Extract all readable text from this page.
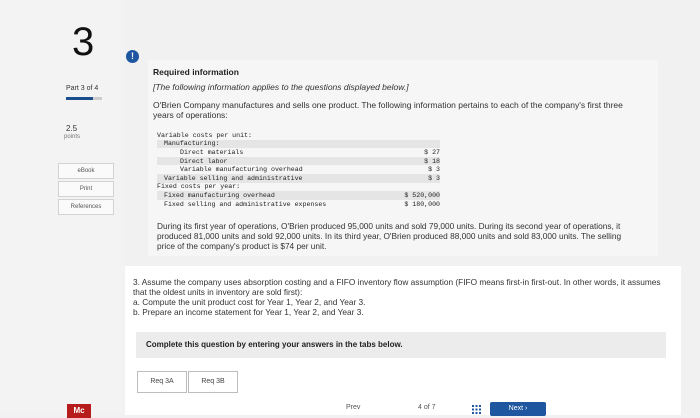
3
Part 3 of 4
2.5
points
eBook
Print
References
Mc
!
Required information
[The following information applies to the questions displayed below.]
O'Brien Company manufactures and sells one product. The following information pertains to each of the company's first three years of operations:
Variable costs per unit:	
Manufacturing:	
Direct materials	$ 27
Direct labor	$ 18
Variable manufacturing overhead	$ 3
Variable selling and administrative	$ 3
Fixed costs per year:	
Fixed manufacturing overhead	$ 520,000
Fixed selling and administrative expenses	$ 180,000
During its first year of operations, O'Brien produced 95,000 units and sold 79,000 units. During its second year of operations, it produced 81,000 units and sold 92,000 units. In its third year, O'Brien produced 88,000 units and sold 83,000 units. The selling price of the company's product is $74 per unit.
3. Assume the company uses absorption costing and a FIFO inventory flow assumption (FIFO means first-in first-out. In other words, it assumes that the oldest units in inventory are sold first):
a. Compute the unit product cost for Year 1, Year 2, and Year 3.
b. Prepare an income statement for Year 1, Year 2, and Year 3.
Complete this question by entering your answers in the tabs below.
Req 3A	Req 3B
Prev	4 of 7	Next ›
